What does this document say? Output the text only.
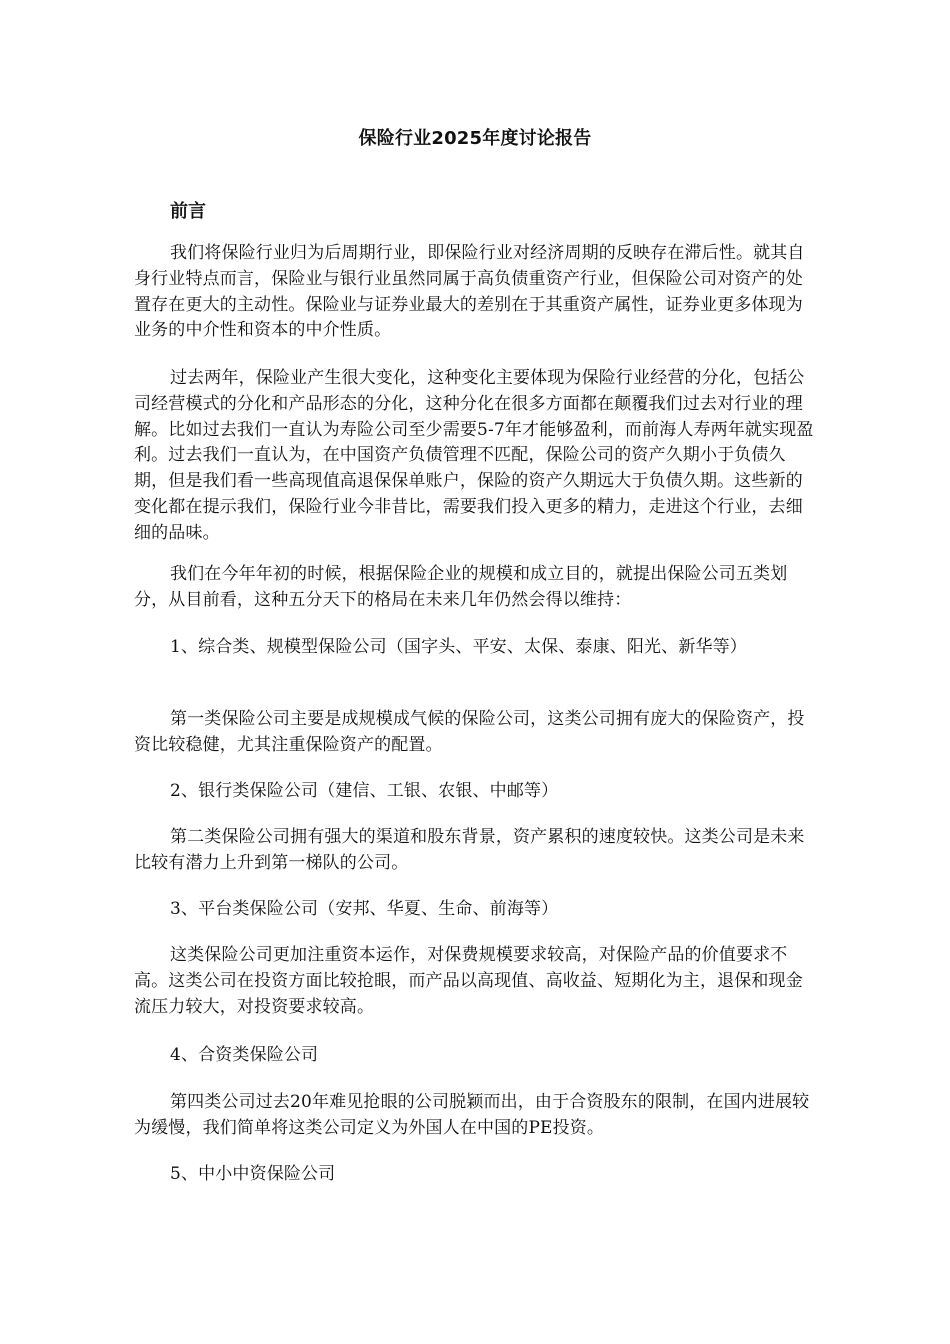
保险行业2025年度讨论报告
前言

我们将保险行业归为后周期行业，即保险行业对经济周期的反映存在滞后性。就其自身行业特点而言，保险业与银行业虽然同属于高负债重资产行业，但保险公司对资产的处置存在更大的主动性。保险业与证券业最大的差别在于其重资产属性，证券业更多体现为业务的中介性和资本的中介性质。

过去两年，保险业产生很大变化，这种变化主要体现为保险行业经营的分化，包括公司经营模式的分化和产品形态的分化，这种分化在很多方面都在颠覆我们过去对行业的理解。比如过去我们一直认为寿险公司至少需要5-7年才能够盈利，而前海人寿两年就实现盈利。过去我们一直认为，在中国资产负债管理不匹配，保险公司的资产久期小于负债久期，但是我们看一些高现值高退保保单账户，保险的资产久期远大于负债久期。这些新的变化都在提示我们，保险行业今非昔比，需要我们投入更多的精力，走进这个行业，去细细的品味。

我们在今年年初的时候，根据保险企业的规模和成立目的，就提出保险公司五类划分，从目前看，这种五分天下的格局在未来几年仍然会得以维持：

1、综合类、规模型保险公司（国字头、平安、太保、泰康、阳光、新华等）

第一类保险公司主要是成规模成气候的保险公司，这类公司拥有庞大的保险资产，投资比较稳健，尤其注重保险资产的配置。

2、银行类保险公司（建信、工银、农银、中邮等）

第二类保险公司拥有强大的渠道和股东背景，资产累积的速度较快。这类公司是未来比较有潜力上升到第一梯队的公司。

3、平台类保险公司（安邦、华夏、生命、前海等）

这类保险公司更加注重资本运作，对保费规模要求较高，对保险产品的价值要求不高。这类公司在投资方面比较抢眼，而产品以高现值、高收益、短期化为主，退保和现金流压力较大，对投资要求较高。

4、合资类保险公司

第四类公司过去20年难见抢眼的公司脱颖而出，由于合资股东的限制，在国内进展较为缓慢，我们简单将这类公司定义为外国人在中国的PE投资。

5、中小中资保险公司
